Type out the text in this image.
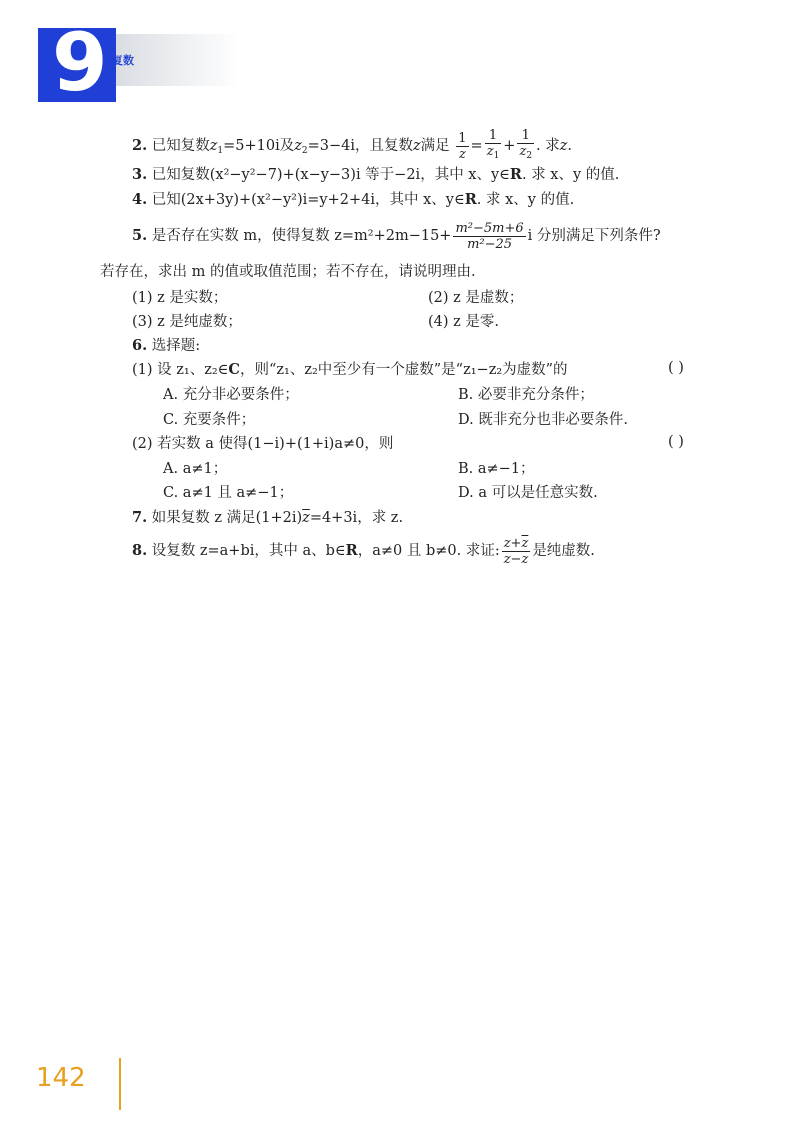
9 复数
2. 已知复数$z_1=5+10i$及$z_2=3-4i$，且复数z满足 $\frac{1}{z} = \frac{1}{\overline{z}_1} + \frac{1}{\overline{z}_2}$ . 求z.
3. 已知复数(x²−y²−7)+(x−y−3)i 等于−2i，其中 x、y∈R. 求 x、y 的值.
4. 已知(2x+3y)+(x²−y²)i=y+2+4i，其中 x、y∈R. 求 x、y 的值.
5. 是否存在实数 m，使得复数 $z=m^2+2m-15+ \frac{\text{m²−5m+6}}{\text{m²−25}}$ i 分别满足下列条件?
若存在，求出 m 的值或取值范围；若不存在，请说明理由.
(1) z 是实数；	(2) z 是虚数；
(3) z 是纯虚数；	(4) z 是零.
6. 选择题:
(1) 设 z₁、z₂∈C，则“z₁、z₂中至少有一个虚数”是“z₁−z₂为虚数”的	( )
A. 充分非必要条件；	B. 必要非充分条件；
C. 充要条件；	D. 既非充分也非必要条件.
(2) 若实数 a 使得(1−i)+(1+i)a≠0，则	( )
A. a≠1；	B. a≠−1；
C. a≠1 且 a≠−1；	D. a 可以是任意实数.
7. 如果复数 z 满足$(1+2i)\overline{z}=4+3i$，求 z.
8. 设复数 z=a+bi，其中 a、b∈R，a≠0 且 b≠0. 求证: $\frac{z+\overline{z}}{z-\overline{z}}$ 是纯虚数.
142
